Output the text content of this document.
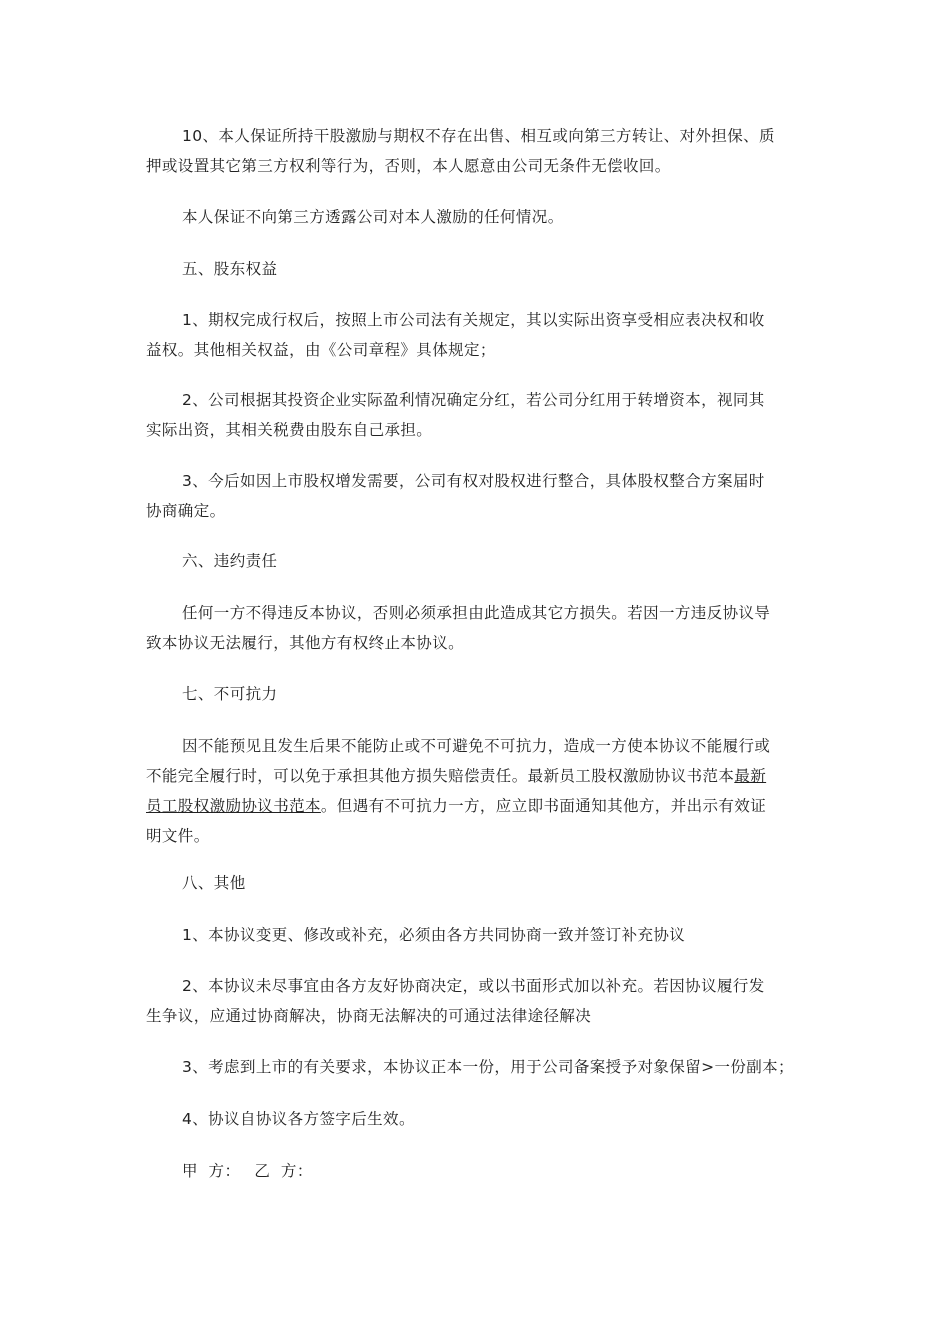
10、本人保证所持干股激励与期权不存在出售、相互或向第三方转让、对外担保、质
押或设置其它第三方权利等行为，否则，本人愿意由公司无条件无偿收回。
本人保证不向第三方透露公司对本人激励的任何情况。
五、股东权益
1、期权完成行权后，按照上市公司法有关规定，其以实际出资享受相应表决权和收
益权。其他相关权益，由《公司章程》具体规定；
2、公司根据其投资企业实际盈利情况确定分红，若公司分红用于转增资本，视同其
实际出资，其相关税费由股东自己承担。
3、今后如因上市股权增发需要，公司有权对股权进行整合，具体股权整合方案届时
协商确定。
六、违约责任
任何一方不得违反本协议，否则必须承担由此造成其它方损失。若因一方违反协议导
致本协议无法履行，其他方有权终止本协议。
七、不可抗力
因不能预见且发生后果不能防止或不可避免不可抗力，造成一方使本协议不能履行或
不能完全履行时，可以免于承担其他方损失赔偿责任。最新员工股权激励协议书范本最新
员工股权激励协议书范本。但遇有不可抗力一方，应立即书面通知其他方，并出示有效证
明文件。
八、其他
1、本协议变更、修改或补充，必须由各方共同协商一致并签订补充协议
2、本协议未尽事宜由各方友好协商决定，或以书面形式加以补充。若因协议履行发
生争议，应通过协商解决，协商无法解决的可通过法律途径解决
3、考虑到上市的有关要求，本协议正本一份，用于公司备案授予对象保留>一份副本；
4、协议自协议各方签字后生效。
甲  方： 乙  方：
